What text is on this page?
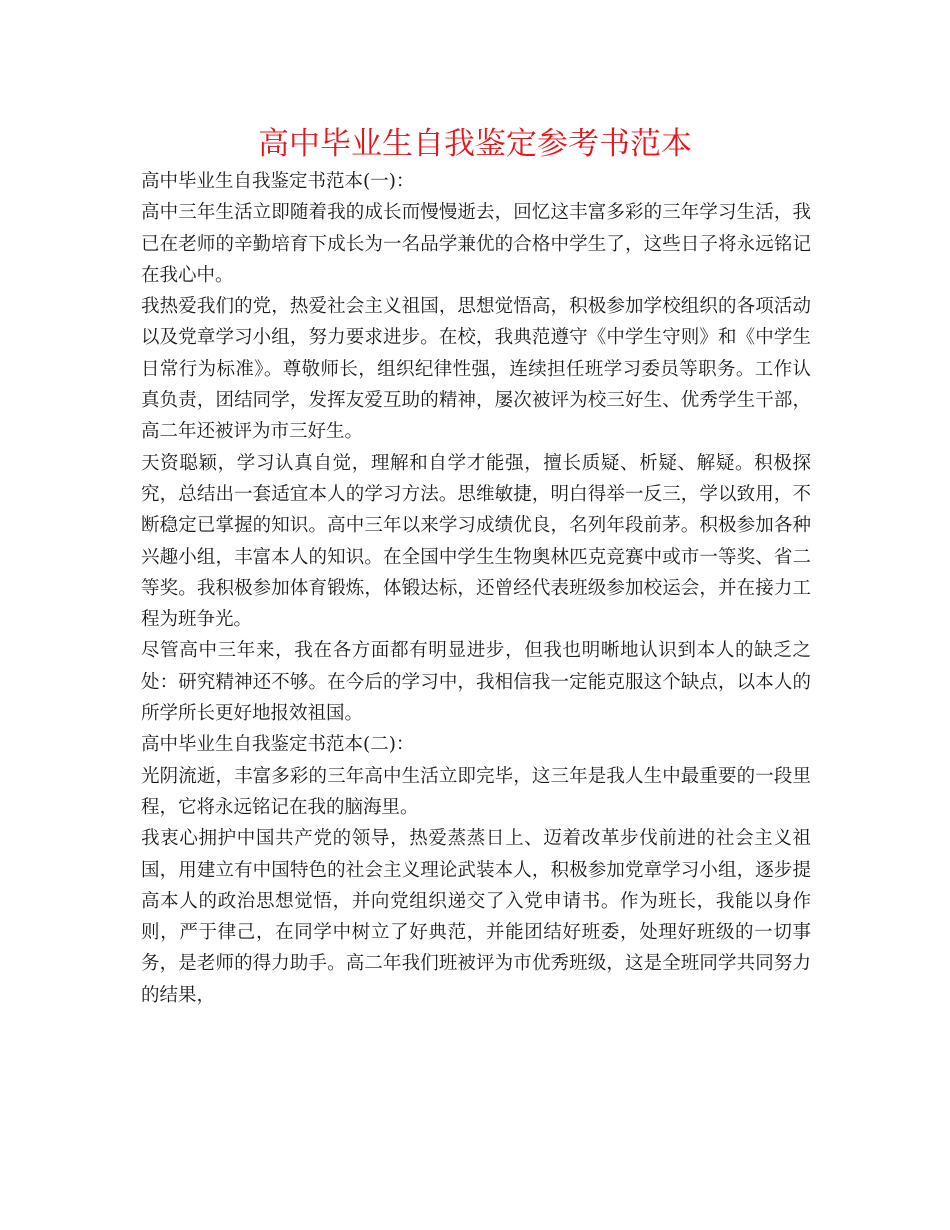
高中毕业生自我鉴定参考书范本

高中毕业生自我鉴定书范本(一)：

高中三年生活立即随着我的成长而慢慢逝去，回忆这丰富多彩的三年学习生活，我已在老师的辛勤培育下成长为一名品学兼优的合格中学生了，这些日子将永远铭记在我心中。

我热爱我们的党，热爱社会主义祖国，思想觉悟高，积极参加学校组织的各项活动以及党章学习小组，努力要求进步。在校，我典范遵守《中学生守则》和《中学生日常行为标准》。尊敬师长，组织纪律性强，连续担任班学习委员等职务。工作认真负责，团结同学，发挥友爱互助的精神，屡次被评为校三好生、优秀学生干部，高二年还被评为市三好生。

天资聪颖，学习认真自觉，理解和自学才能强，擅长质疑、析疑、解疑。积极探究，总结出一套适宜本人的学习方法。思维敏捷，明白得举一反三，学以致用，不断稳定已掌握的知识。高中三年以来学习成绩优良，名列年段前茅。积极参加各种兴趣小组，丰富本人的知识。在全国中学生生物奥林匹克竞赛中或市一等奖、省二等奖。我积极参加体育锻炼，体锻达标，还曾经代表班级参加校运会，并在接力工程为班争光。

尽管高中三年来，我在各方面都有明显进步，但我也明晰地认识到本人的缺乏之处：研究精神还不够。在今后的学习中，我相信我一定能克服这个缺点，以本人的所学所长更好地报效祖国。

高中毕业生自我鉴定书范本(二)：

光阴流逝，丰富多彩的三年高中生活立即完毕，这三年是我人生中最重要的一段里程，它将永远铭记在我的脑海里。

我衷心拥护中国共产党的领导，热爱蒸蒸日上、迈着改革步伐前进的社会主义祖国，用建立有中国特色的社会主义理论武装本人，积极参加党章学习小组，逐步提高本人的政治思想觉悟，并向党组织递交了入党申请书。作为班长，我能以身作则，严于律己，在同学中树立了好典范，并能团结好班委，处理好班级的一切事务，是老师的得力助手。高二年我们班被评为市优秀班级，这是全班同学共同努力的结果，
